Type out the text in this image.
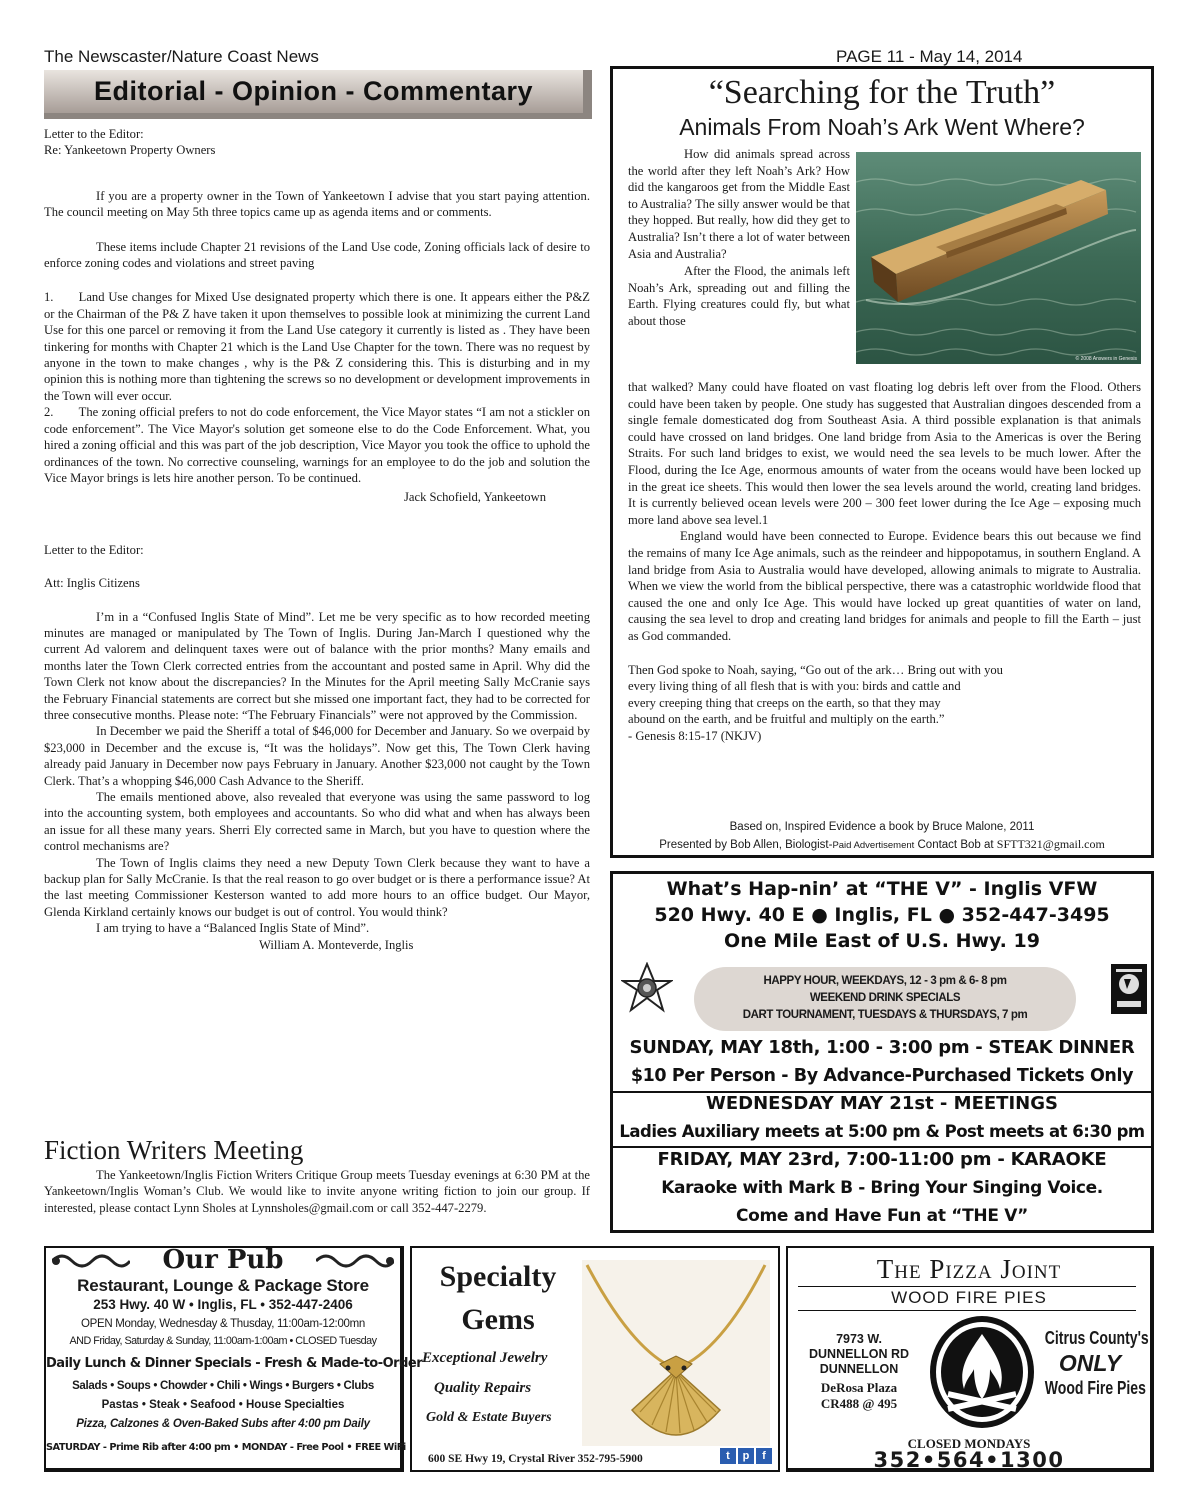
The Newscaster/Nature Coast News	PAGE 11 - May 14, 2014
Editorial - Opinion - Commentary

Letter to the Editor:

Re: Yankeetown Property Owners

If you are a property owner in the Town of Yankeetown I advise that you start paying attention. The council meeting on May 5th three topics came up as agenda items and or comments.

These items include Chapter 21 revisions of the Land Use code, Zoning officials lack of desire to enforce zoning codes and violations and street paving

1.  Land Use changes for Mixed Use designated property which there is one. It appears either the P&Z or the Chairman of the P& Z have taken it upon themselves to possible look at minimizing the current Land Use for this one parcel or removing it from the Land Use category it currently is listed as . They have been tinkering for months with Chapter 21 which is the Land Use Chapter for the town. There was no request by anyone in the town to make changes , why is the P& Z considering this. This is disturbing and in my opinion this is nothing more than tightening the screws so no development or development improvements in the Town will ever occur.

2.  The zoning official prefers to not do code enforcement, the Vice Mayor states “I am not a stickler on code enforcement”. The Vice Mayor's solution get someone else to do the Code Enforcement. What, you hired a zoning official and this was part of the job description, Vice Mayor you took the office to uphold the ordinances of the town. No corrective counseling, warnings for an employee to do the job and solution the Vice Mayor brings is lets hire another person. To be continued.

Jack Schofield, Yankeetown

Letter to the Editor:

Att: Inglis Citizens

I’m in a “Confused Inglis State of Mind”. Let me be very specific as to how recorded meeting minutes are managed or manipulated by The Town of Inglis. During Jan-March I questioned why the current Ad valorem and delinquent taxes were out of balance with the prior months? Many emails and months later the Town Clerk corrected entries from the accountant and posted same in April. Why did the Town Clerk not know about the discrepancies? In the Minutes for the April meeting Sally McCranie says the February Financial statements are correct but she missed one important fact, they had to be corrected for three consecutive months. Please note: “The February Financials” were not approved by the Commission.

In December we paid the Sheriff a total of $46,000 for December and January. So we overpaid by $23,000 in December and the excuse is, “It was the holidays”. Now get this, The Town Clerk having already paid January in December now pays February in January. Another $23,000 not caught by the Town Clerk. That’s a whopping $46,000 Cash Advance to the Sheriff.

The emails mentioned above, also revealed that everyone was using the same password to log into the accounting system, both employees and accountants. So who did what and when has always been an issue for all these many years. Sherri Ely corrected same in March, but you have to question where the control mechanisms are?

The Town of Inglis claims they need a new Deputy Town Clerk because they want to have a backup plan for Sally McCranie. Is that the real reason to go over budget or is there a performance issue? At the last meeting Commissioner Kesterson wanted to add more hours to an office budget. Our Mayor, Glenda Kirkland certainly knows our budget is out of control. You would think?

I am trying to have a “Balanced Inglis State of Mind”.

William A. Monteverde, Inglis

Fiction Writers Meeting

The Yankeetown/Inglis Fiction Writers Critique Group meets Tuesday evenings at 6:30 PM at the Yankeetown/Inglis Woman’s Club. We would like to invite anyone writing fiction to join our group. If interested, please contact Lynn Sholes at Lynnsholes@gmail.com or call 352-447-2279.

“Searching for the Truth”
Animals From Noah’s Ark Went Where?
© 2008 Answers in Genesis

How did animals spread across the world after they left Noah’s Ark? How did the kangaroos get from the Middle East to Australia? The silly answer would be that they hopped. But really, how did they get to Australia? Isn’t there a lot of water between Asia and Australia?

After the Flood, the animals left Noah’s Ark, spreading out and filling the Earth. Flying creatures could fly, but what about those

that walked? Many could have floated on vast floating log debris left over from the Flood. Others could have been taken by people. One study has suggested that Australian dingoes descended from a single female domesticated dog from Southeast Asia. A third possible explanation is that animals could have crossed on land bridges. One land bridge from Asia to the Americas is over the Bering Straits. For such land bridges to exist, we would need the sea levels to be much lower. After the Flood, during the Ice Age, enormous amounts of water from the oceans would have been locked up in the great ice sheets. This would then lower the sea levels around the world, creating land bridges. It is currently believed ocean levels were 200 – 300 feet lower during the Ice Age – exposing much more land above sea level.1

England would have been connected to Europe. Evidence bears this out because we find the remains of many Ice Age animals, such as the reindeer and hippopotamus, in southern England. A land bridge from Asia to Australia would have developed, allowing animals to migrate to Australia. When we view the world from the biblical perspective, there was a catastrophic worldwide flood that caused the one and only Ice Age. This would have locked up great quantities of water on land, causing the sea level to drop and creating land bridges for animals and people to fill the Earth – just as God commanded.

Then God spoke to Noah, saying, “Go out of the ark… Bring out with you

every living thing of all flesh that is with you: birds and cattle and

every creeping thing that creeps on the earth, so that they may

abound on the earth, and be fruitful and multiply on the earth.”

- Genesis 8:15-17 (NKJV)

Based on, Inspired Evidence a book by Bruce Malone, 2011
Presented by Bob Allen, Biologist-Paid Advertisement Contact Bob at SFTT321@gmail.com
What’s Hap-nin’ at “THE V” - Inglis VFW
520 Hwy. 40 E ● Inglis, FL ● 352-447-3495
One Mile East of U.S. Hwy. 19
HAPPY HOUR, WEEKDAYS, 12 - 3 pm & 6- 8 pm
WEEKEND DRINK SPECIALS
DART TOURNAMENT, TUESDAYS & THURSDAYS, 7 pm
SUNDAY, MAY 18th, 1:00 - 3:00 pm - STEAK DINNER
$10 Per Person - By Advance-Purchased Tickets Only
WEDNESDAY MAY 21st - MEETINGS
Ladies Auxiliary meets at 5:00 pm & Post meets at 6:30 pm
FRIDAY, MAY 23rd, 7:00-11:00 pm - KARAOKE
Karaoke with Mark B - Bring Your Singing Voice.
Come and Have Fun at “THE V”
Our Pub
Restaurant, Lounge & Package Store
253 Hwy. 40 W • Inglis, FL • 352-447-2406
OPEN Monday, Wednesday & Thusday, 11:00am-12:00mn
AND Friday, Saturday & Sunday, 11:00am-1:00am • CLOSED Tuesday
Daily Lunch & Dinner Specials - Fresh & Made-to-Order
Salads • Soups • Chowder • Chili • Wings • Burgers • Clubs
Pastas • Steak • Seafood • House Specialties
Pizza, Calzones & Oven-Baked Subs after 4:00 pm Daily
SATURDAY - Prime Rib after 4:00 pm • MONDAY - Free Pool • FREE WiFi
Specialty
Gems
Exceptional Jewelry
Quality Repairs
Gold & Estate Buyers
600 SE Hwy 19, Crystal River 352-795-5900	t	p	f
The Pizza Joint
WOOD FIRE PIES
7973 W.
DUNNELLON RD
DUNNELLON
DeRosa Plaza
CR488 @ 495
Citrus County's
ONLY
Wood Fire Pies
CLOSED MONDAYS
352•564•1300
